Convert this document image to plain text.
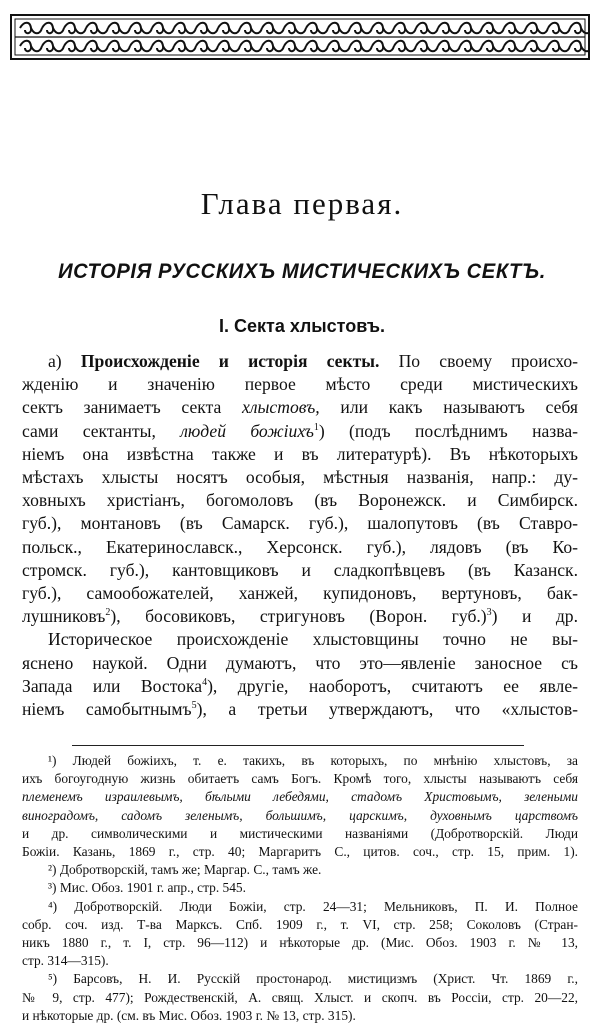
Глава первая.
ИСТОРІЯ РУССКИХЪ МИСТИЧЕСКИХЪ СЕКТЪ.
I. Секта хлыстовъ.
а) Происхожденіе и исторія секты. По своему происхо-
жденію и значенію первое мѣсто среди мистическихъ
сектъ занимаетъ секта хлыстовъ, или какъ называютъ себя
сами сектанты, людей божіихъ$^1$) (подъ послѣднимъ назва-
ніемъ она извѣстна также и въ литературѣ). Въ нѣкоторыхъ
мѣстахъ хлысты носятъ особыя, мѣстныя названія, напр.: ду-
ховныхъ христіанъ, богомоловъ (въ Воронежск. и Симбирск.
губ.), монтановъ (въ Самарск. губ.), шалопутовъ (въ Ставро-
польск., Екатеринославск., Херсонск. губ.), лядовъ (въ Ко-
стромск. губ.), кантовщиковъ и сладкопѣвцевъ (въ Казанск.
губ.), самообожателей, ханжей, купидоновъ, вертуновъ, бак-
лушниковъ$^2$), босовиковъ, стригуновъ (Ворон. губ.)$^3$) и др.
Историческое происхожденіе хлыстовщины точно не вы-
яснено наукой. Одни думаютъ, что это—явленіе заносное съ
Запада или Востока$^4$), другіе, наоборотъ, считаютъ ее явле-
ніемъ самобытнымъ$^5$), а третьи утверждаютъ, что «хлыстов-
¹) Людей божіихъ, т. е. такихъ, въ которыхъ, по мнѣнію хлыстовъ, за
ихъ богоугодную жизнь обитаетъ самъ Богъ. Кромѣ того, хлысты называютъ себя
племенемъ израилевымъ, бѣлыми лебедями, стадомъ Христовымъ, зелеными
виноградомъ, садомъ зеленымъ, большимъ, царскимъ, духовнымъ царствомъ
и др. символическими и мистическими названіями (Добротворскій. Люди
Божіи. Казань, 1869 г., стр. 40; Маргаритъ С., цитов. соч., стр. 15, прим. 1).
²) Добротворскій, тамъ же; Маргар. С., тамъ же.
³) Мис. Обоз. 1901 г. апр., стр. 545.
⁴) Добротворскій. Люди Божіи, стр. 24—31; Мельниковъ, П. И. Полное
собр. соч. изд. Т-ва Марксъ. Спб. 1909 г., т. VI, стр. 258; Соколовъ (Стран-
никъ 1880 г., т. I, стр. 96—112) и нѣкоторые др. (Мис. Обоз. 1903 г. № 13,
стр. 314—315).
⁵) Барсовъ, Н. И. Русскій простонарод. мистицизмъ (Христ. Чт. 1869 г.,
№ 9, стр. 477); Рождественскій, А. свящ. Хлыст. и скопч. въ Россіи, стр. 20—22,
и нѣкоторые др. (см. въ Мис. Обоз. 1903 г. № 13, стр. 315).
